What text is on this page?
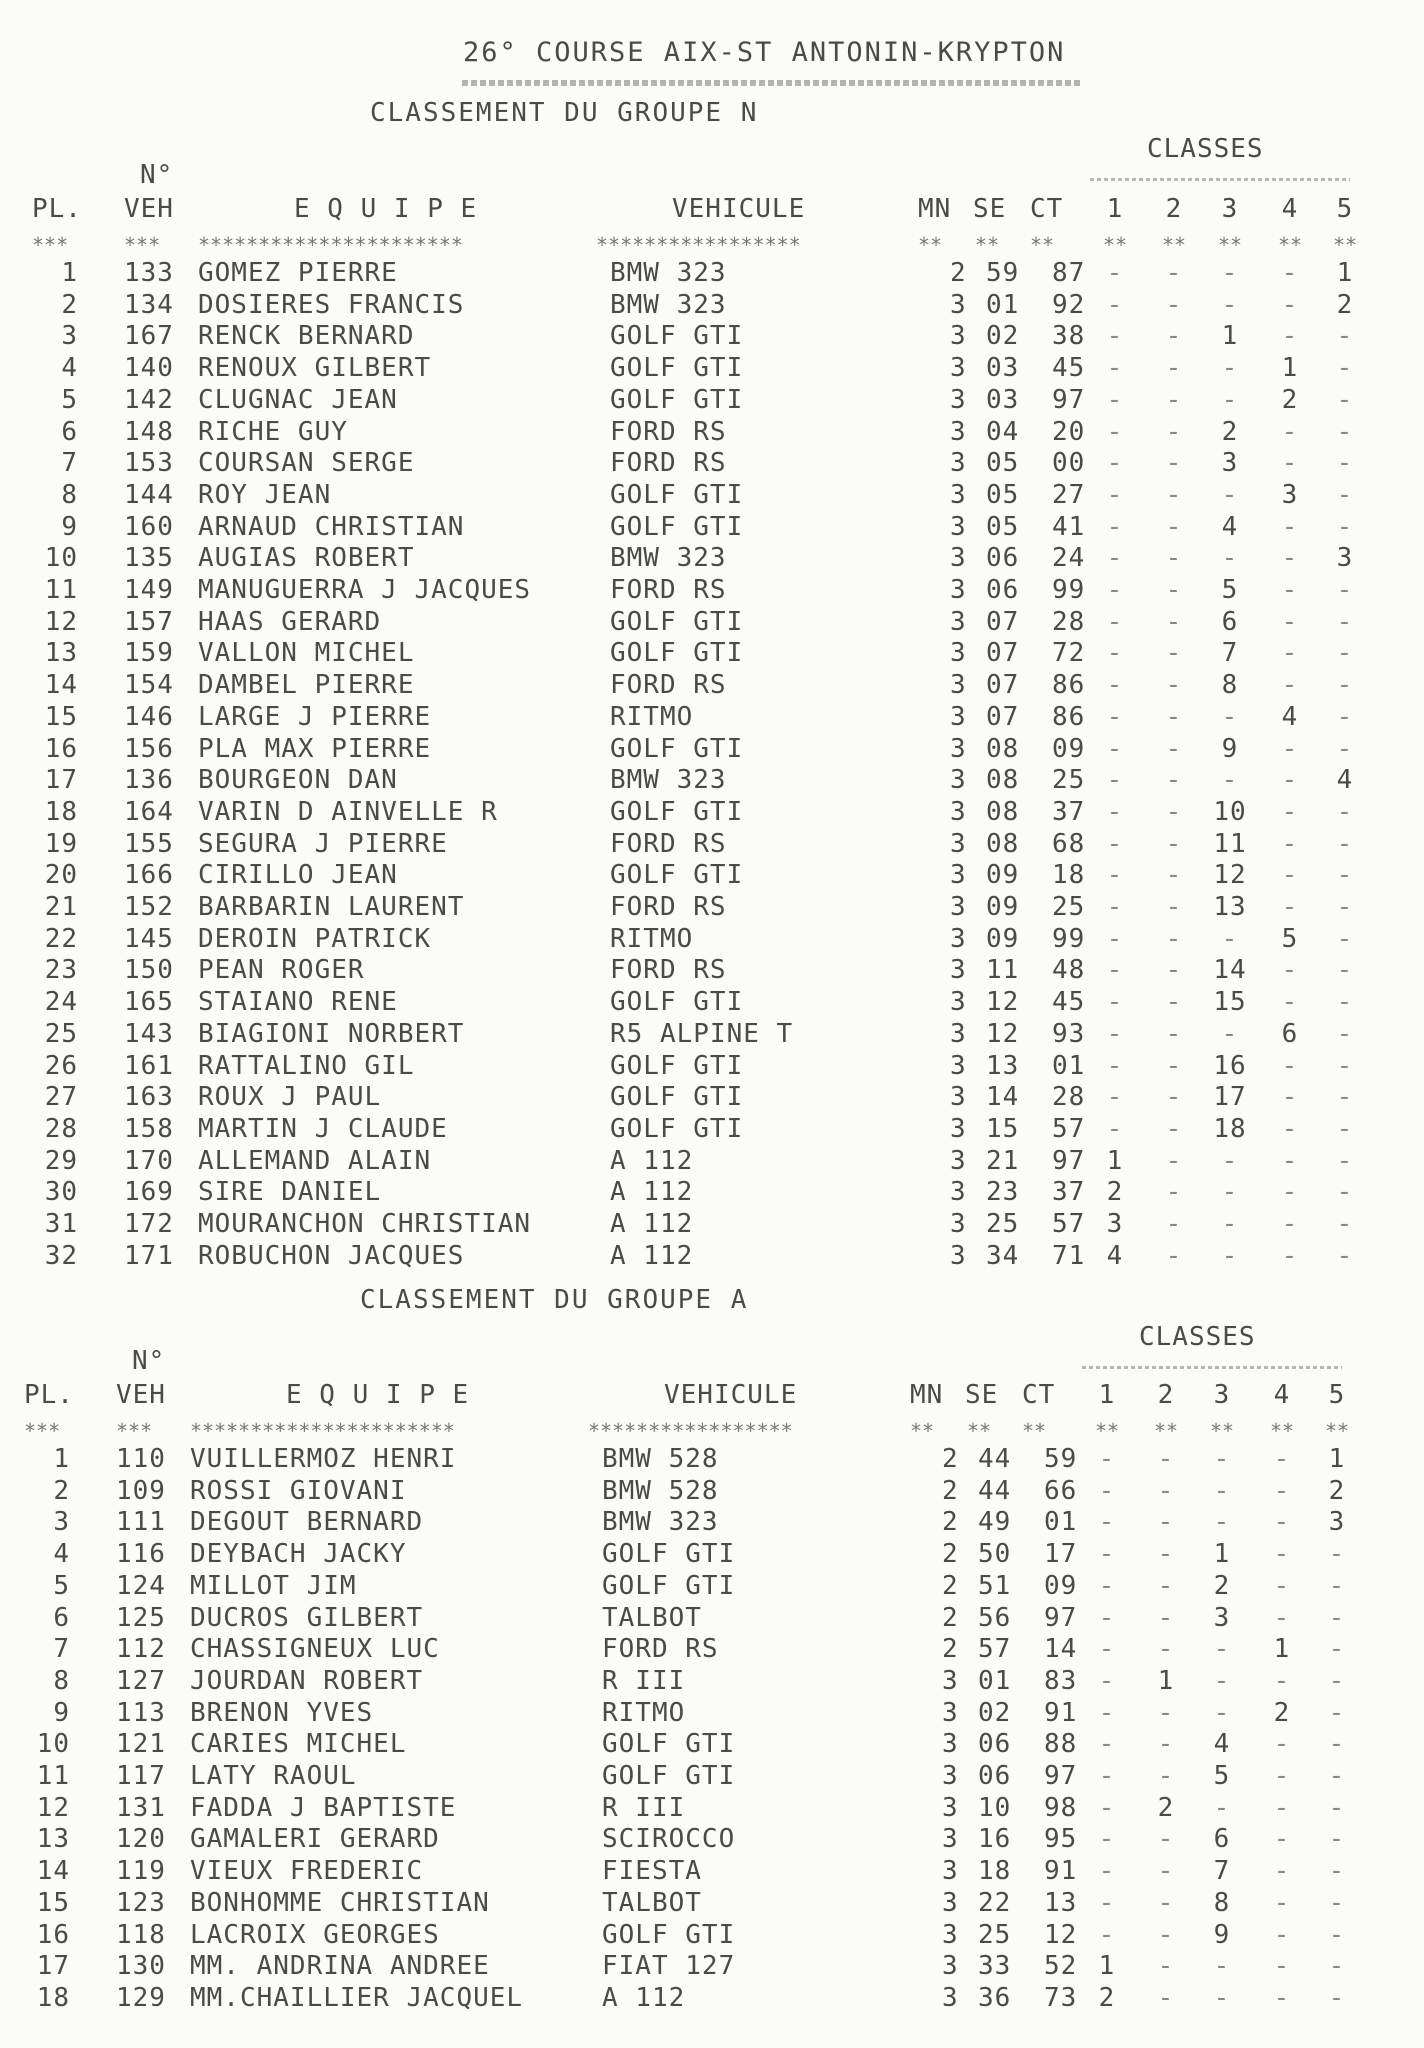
26° COURSE AIX-ST ANTONIN-KRYPTON
CLASSEMENT DU GROUPE N
CLASSES
N°
PL. VEH	E Q U I P E	VEHICULE	MN SE CT	1	2	3	4	5
***	*** **********************	*****************	** ** **	**	**	**	**	**
1 133 GOMEZ PIERRE	BMW 323	2 59 87 -	-	-	-	1
2 134 DOSIERES FRANCIS	BMW 323	3 01 92 -	-	-	-	2
3 167 RENCK BERNARD	GOLF GTI	3 02 38 -	-	1	-	-
4 140 RENOUX GILBERT	GOLF GTI	3 03 45 -	-	-	1	-
5 142 CLUGNAC JEAN	GOLF GTI	3 03 97 -	-	-	2	-
6 148 RICHE GUY	FORD RS	3 04 20 -	-	2	-	-
7 153 COURSAN SERGE	FORD RS	3 05 00 -	-	3	-	-
8 144 ROY JEAN	GOLF GTI	3 05 27 -	-	-	3	-
9 160 ARNAUD CHRISTIAN	GOLF GTI	3 05 41 -	-	4	-	-
10 135 AUGIAS ROBERT	BMW 323	3 06 24 -	-	-	-	3
11 149 MANUGUERRA J JACQUES	FORD RS	3 06 99 -	-	5	-	-
12 157 HAAS GERARD	GOLF GTI	3 07 28 -	-	6	-	-
13 159 VALLON MICHEL	GOLF GTI	3 07 72 -	-	7	-	-
14 154 DAMBEL PIERRE	FORD RS	3 07 86 -	-	8	-	-
15 146 LARGE J PIERRE	RITMO	3 07 86 -	-	-	4	-
16 156 PLA MAX PIERRE	GOLF GTI	3 08 09 -	-	9	-	-
17 136 BOURGEON DAN	BMW 323	3 08 25 -	-	-	-	4
18 164 VARIN D AINVELLE R	GOLF GTI	3 08 37 -	-	10	-	-
19 155 SEGURA J PIERRE	FORD RS	3 08 68 -	-	11	-	-
20 166 CIRILLO JEAN	GOLF GTI	3 09 18 -	-	12	-	-
21 152 BARBARIN LAURENT	FORD RS	3 09 25 -	-	13	-	-
22 145 DEROIN PATRICK	RITMO	3 09 99 -	-	-	5	-
23 150 PEAN ROGER	FORD RS	3 11 48 -	-	14	-	-
24 165 STAIANO RENE	GOLF GTI	3 12 45 -	-	15	-	-
25 143 BIAGIONI NORBERT	R5 ALPINE T	3 12 93 -	-	-	6	-
26 161 RATTALINO GIL	GOLF GTI	3 13 01 -	-	16	-	-
27 163 ROUX J PAUL	GOLF GTI	3 14 28 -	-	17	-	-
28 158 MARTIN J CLAUDE	GOLF GTI	3 15 57 -	-	18	-	-
29 170 ALLEMAND ALAIN	A 112	3 21 97 1	-	-	-	-
30 169 SIRE DANIEL	A 112	3 23 37 2	-	-	-	-
31 172 MOURANCHON CHRISTIAN	A 112	3 25 57 3	-	-	-	-
32 171 ROBUCHON JACQUES	A 112	3 34 71 4	-	-	-	-
CLASSEMENT DU GROUPE A
CLASSES
N°
PL. VEH	E Q U I P E	VEHICULE	MN SE CT	1	2	3	4	5
***	*** **********************	*****************	** ** **	**	**	**	**	**
1 110 VUILLERMOZ HENRI	BMW 528	2 44 59 -	-	-	-	1
2 109 ROSSI GIOVANI	BMW 528	2 44 66 -	-	-	-	2
3 111 DEGOUT BERNARD	BMW 323	2 49 01 -	-	-	-	3
4 116 DEYBACH JACKY	GOLF GTI	2 50 17 -	-	1	-	-
5 124 MILLOT JIM	GOLF GTI	2 51 09 -	-	2	-	-
6 125 DUCROS GILBERT	TALBOT	2 56 97 -	-	3	-	-
7 112 CHASSIGNEUX LUC	FORD RS	2 57 14 -	-	-	1	-
8 127 JOURDAN ROBERT	R III	3 01 83 -	1	-	-	-
9 113 BRENON YVES	RITMO	3 02 91 -	-	-	2	-
10 121 CARIES MICHEL	GOLF GTI	3 06 88 -	-	4	-	-
11 117 LATY RAOUL	GOLF GTI	3 06 97 -	-	5	-	-
12 131 FADDA J BAPTISTE	R III	3 10 98 -	2	-	-	-
13 120 GAMALERI GERARD	SCIROCCO	3 16 95 -	-	6	-	-
14 119 VIEUX FREDERIC	FIESTA	3 18 91 -	-	7	-	-
15 123 BONHOMME CHRISTIAN	TALBOT	3 22 13 -	-	8	-	-
16 118 LACROIX GEORGES	GOLF GTI	3 25 12 -	-	9	-	-
17 130 MM. ANDRINA ANDREE	FIAT 127	3 33 52 1	-	-	-	-
18 129 MM.CHAILLIER JACQUEL	A 112	3 36 73 2	-	-	-	-
